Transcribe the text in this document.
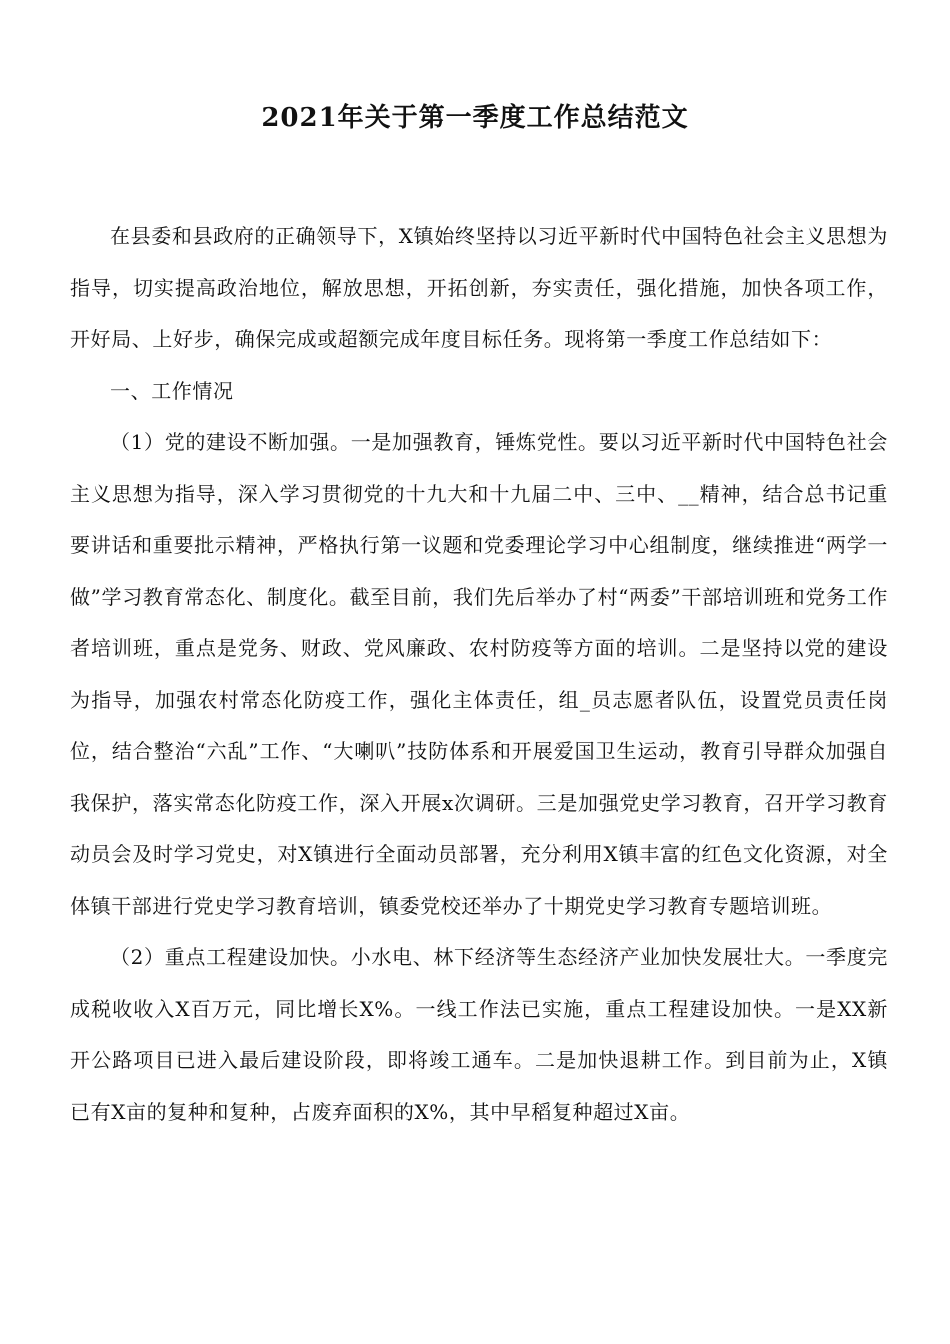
2021年关于第一季度工作总结范文

在县委和县政府的正确领导下，X镇始终坚持以习近平新时代中国特色社会主义思想为指导，切实提高政治地位，解放思想，开拓创新，夯实责任，强化措施，加快各项工作，开好局、上好步，确保完成或超额完成年度目标任务。现将第一季度工作总结如下：

一、工作情况

（1）党的建设不断加强。一是加强教育，锤炼党性。要以习近平新时代中国特色社会主义思想为指导，深入学习贯彻党的十九大和十九届二中、三中、__精神，结合总书记重要讲话和重要批示精神，严格执行第一议题和党委理论学习中心组制度，继续推进“两学一做”学习教育常态化、制度化。截至目前，我们先后举办了村“两委”干部培训班和党务工作者培训班，重点是党务、财政、党风廉政、农村防疫等方面的培训。二是坚持以党的建设为指导，加强农村常态化防疫工作，强化主体责任，组_员志愿者队伍，设置党员责任岗位，结合整治“六乱”工作、“大喇叭”技防体系和开展爱国卫生运动，教育引导群众加强自我保护，落实常态化防疫工作，深入开展x次调研。三是加强党史学习教育，召开学习教育动员会及时学习党史，对X镇进行全面动员部署，充分利用X镇丰富的红色文化资源，对全体镇干部进行党史学习教育培训，镇委党校还举办了十期党史学习教育专题培训班。

（2）重点工程建设加快。小水电、林下经济等生态经济产业加快发展壮大。一季度完成税收收入X百万元，同比增长X%。一线工作法已实施，重点工程建设加快。一是XX新开公路项目已进入最后建设阶段，即将竣工通车。二是加快退耕工作。到目前为止，X镇已有X亩的复种和复种，占废弃面积的X%，其中早稻复种超过X亩。
